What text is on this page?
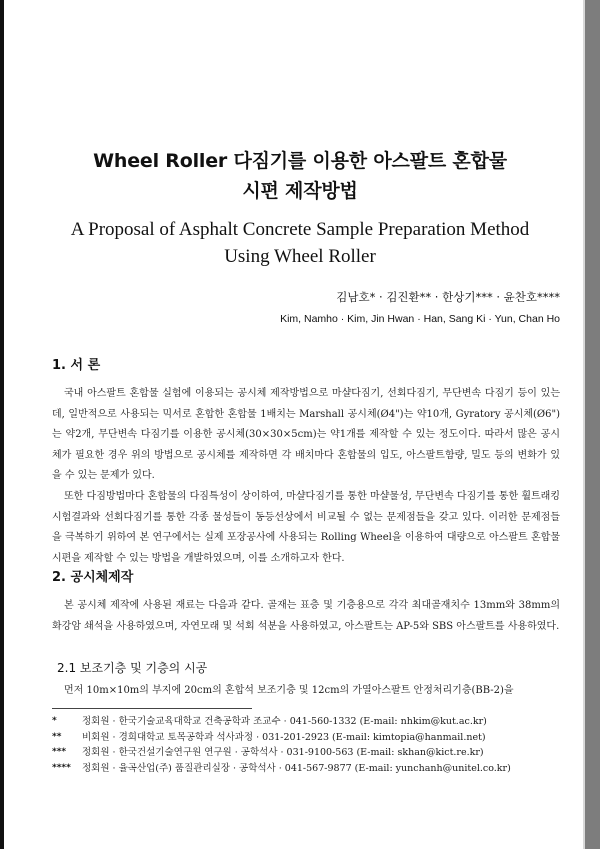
Wheel Roller 다짐기를 이용한 아스팔트 혼합물
시편 제작방법
A Proposal of Asphalt Concrete Sample Preparation Method
Using Wheel Roller
김남호* · 김진환** · 한상기*** · 윤찬호****
Kim, Namho · Kim, Jin Hwan · Han, Sang Ki · Yun, Chan Ho
1. 서 론

국내 아스팔트 혼합물 실험에 이용되는 공시체 제작방법으로 마샬다짐기, 선회다짐기, 무단변속 다짐기 등이 있는데, 일반적으로 사용되는 믹서로 혼합한 혼합물 1배치는 Marshall 공시체(Ø4")는 약10개, Gyratory 공시체(Ø6")는 약2개, 무단변속 다짐기를 이용한 공시체(30×30×5cm)는 약1개를 제작할 수 있는 정도이다. 따라서 많은 공시체가 필요한 경우 위의 방법으로 공시체를 제작하면 각 배치마다 혼합물의 입도, 아스팔트함량, 밀도 등의 변화가 있을 수 있는 문제가 있다.

또한 다짐방법마다 혼합물의 다짐특성이 상이하여, 마샬다짐기를 통한 마샬물성, 무단변속 다짐기를 통한 휠트래킹 시험결과와 선회다짐기를 통한 각종 물성들이 동등선상에서 비교될 수 없는 문제점들을 갖고 있다. 이러한 문제점들을 극복하기 위하여 본 연구에서는 실제 포장공사에 사용되는 Rolling Wheel을 이용하여 대량으로 아스팔트 혼합물 시편을 제작할 수 있는 방법을 개발하였으며, 이를 소개하고자 한다.

2. 공시체제작

본 공시체 제작에 사용된 재료는 다음과 같다. 골재는 표층 및 기층용으로 각각 최대골재치수 13mm와 38mm의 화강암 쇄석을 사용하였으며, 자연모래 및 석회 석분을 사용하였고, 아스팔트는 AP-5와 SBS 아스팔트를 사용하였다.

2.1 보조기층 및 기층의 시공

먼저 10m×10m의 부지에 20cm의 혼합석 보조기층 및 12cm의 가열아스팔트 안정처리기층(BB-2)을

*	정회원 · 한국기술교육대학교 건축공학과 조교수 · 041-560-1332 (E-mail: nhkim@kut.ac.kr)
**	비회원 · 경희대학교 토목공학과 석사과정 · 031-201-2923 (E-mail: kimtopia@hanmail.net)
***	정회원 · 한국건설기술연구원 연구원 · 공학석사 · 031-9100-563 (E-mail: skhan@kict.re.kr)
****	정회원 · 율곡산업(주) 품질관리실장 · 공학석사 · 041-567-9877 (E-mail: yunchanh@unitel.co.kr)
